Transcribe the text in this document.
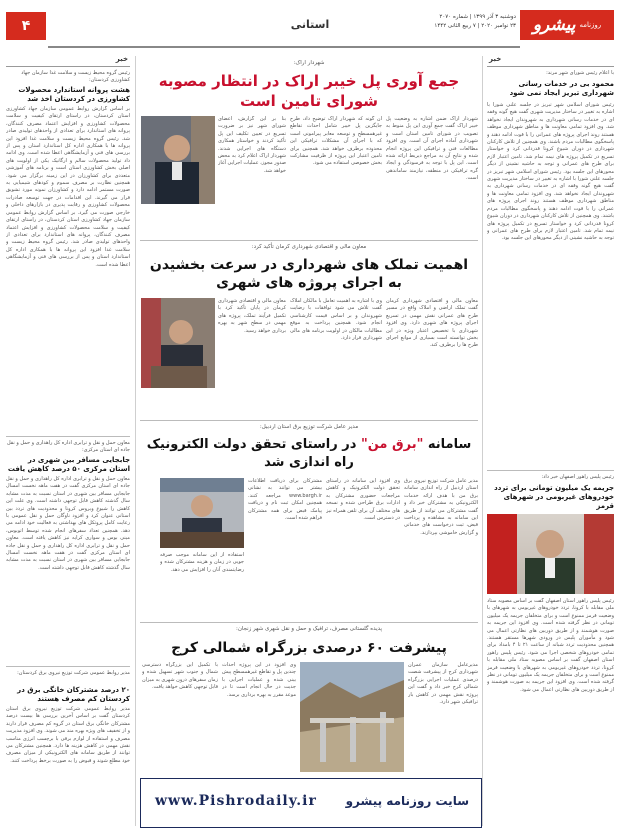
روزنامه
پیشرو
دوشنبه ۳ آذر ۱۳۹۹ | شماره ۲۰۷۰
۲۳ نوامبر ۲۰۲۰ | ۷ ربیع الثانی ۱۴۴۲
استانی
۴
خبر
رئیس گروه محیط زیست و سلامت غذا سازمان جهاد کشاورزی کردستان:
هشت پروانه استاندارد محصولات کشاورزی در کردستان اخذ شد
بر اساس گزارش روابط عمومی سازمان جهاد کشاورزی استان کردستان، در راستای ارتقای کیفیت و سلامت محصولات کشاورزی و افزایش اعتماد مصرف کنندگان، پروانه های استاندارد برای تعدادی از واحدهای تولیدی صادر شد. رئیس گروه محیط زیست و سلامت غذا افزود این پروانه ها با همکاری اداره کل استاندارد استان و پس از بررسی های فنی و آزمایشگاهی اعطا شده است. وی ادامه داد تولید محصولات سالم و ارگانیک یکی از اولویت های اصلی بخش کشاورزی استان است و برنامه های آموزشی متعددی برای کشاورزان در این زمینه برگزار می شود. همچنین نظارت بر مصرف سموم و کودهای شیمیایی به صورت مستمر ادامه دارد و کشاورزان نمونه مورد تشویق قرار می گیرند. این اقدامات در جهت توسعه صادرات محصولات کشاورزی و رقابت پذیری در بازارهای داخلی و خارجی صورت می گیرد. بر اساس گزارش روابط عمومی سازمان جهاد کشاورزی استان کردستان، در راستای ارتقای کیفیت و سلامت محصولات کشاورزی و افزایش اعتماد مصرف کنندگان، پروانه های استاندارد برای تعدادی از واحدهای تولیدی صادر شد. رئیس گروه محیط زیست و سلامت غذا افزود این پروانه ها با همکاری اداره کل استاندارد استان و پس از بررسی های فنی و آزمایشگاهی اعطا شده است.
معاون حمل و نقل و ترابری اداره کل راهداری و حمل و نقل جاده ای استان مرکزی:
جابجایی مسافر بین شهری در استان مرکزی ۵۰ درصد کاهش یافت
معاون حمل و نقل و ترابری اداره کل راهداری و حمل و نقل جاده ای استان مرکزی گفت در هفت ماهه نخست امسال جابجایی مسافر بین شهری در استان نسبت به مدت مشابه سال گذشته کاهش قابل توجهی داشته است. وی علت این کاهش را شیوع ویروس کرونا و محدودیت های تردد بین استانی عنوان کرد و افزود ناوگان حمل و نقل عمومی با رعایت کامل پروتکل های بهداشتی به فعالیت خود ادامه می دهد. همچنین تعداد سفرهای انجام شده توسط اتوبوس، مینی بوس و سواری کرایه نیز کاهش یافته است. معاون حمل و نقل و ترابری اداره کل راهداری و حمل و نقل جاده ای استان مرکزی گفت در هفت ماهه نخست امسال جابجایی مسافر بین شهری در استان نسبت به مدت مشابه سال گذشته کاهش قابل توجهی داشته است.
مدیر روابط عمومی شرکت توزیع نیروی برق کردستان:
۲۰ درصد مشترکان خانگی برق در کردستان کم مصرف هستند
مدیر روابط عمومی شرکت توزیع نیروی برق استان کردستان گفت بر اساس آخرین بررسی ها بیست درصد مشترکان خانگی برق استان در گروه کم مصرف قرار دارند و از تخفیف های ویژه بهره مند می شوند. وی افزود مدیریت مصرف و استفاده از لوازم برقی با برچسب انرژی مناسب نقش مهمی در کاهش هزینه ها دارد. همچنین مشترکان می توانند از طریق سامانه های الکترونیکی از میزان مصرف خود مطلع شوند و قبوض را به صورت برخط پرداخت کنند.
خبر
با اعلام رئیس شورای شهر مرند:
محمود بی در خدمات رسانی شهرداری تبریز ایجاد نمی شود
رئیس شورای اسلامی شهر تبریز در جلسه علنی شورا با اشاره به تغییر در ساختار مدیریت شهری گفت هیچ گونه وقفه ای در خدمات رسانی شهرداری به شهروندان ایجاد نخواهد شد. وی افزود تمامی معاونت ها و مناطق شهرداری موظف هستند روند اجرای پروژه های عمرانی را با قوت ادامه دهند و پاسخگوی مطالبات مردم باشند. وی همچنین از تلاش کارکنان شهرداری در دوران شیوع کرونا قدردانی کرد و خواستار تسریع در تکمیل پروژه های نیمه تمام شد. تامین اعتبار لازم برای طرح های عمرانی و توجه به حاشیه نشینی از دیگر محورهای این جلسه بود. رئیس شورای اسلامی شهر تبریز در جلسه علنی شورا با اشاره به تغییر در ساختار مدیریت شهری گفت هیچ گونه وقفه ای در خدمات رسانی شهرداری به شهروندان ایجاد نخواهد شد. وی افزود تمامی معاونت ها و مناطق شهرداری موظف هستند روند اجرای پروژه های عمرانی را با قوت ادامه دهند و پاسخگوی مطالبات مردم باشند. وی همچنین از تلاش کارکنان شهرداری در دوران شیوع کرونا قدردانی کرد و خواستار تسریع در تکمیل پروژه های نیمه تمام شد. تامین اعتبار لازم برای طرح های عمرانی و توجه به حاشیه نشینی از دیگر محورهای این جلسه بود.
رئیس پلیس راهور اصفهان خبر داد:
جریمه یک میلیون تومانی برای تردد خودروهای غیربومی در شهرهای قرمز
رئیس پلیس راهور استان اصفهان گفت بر اساس مصوبه ستاد ملی مقابله با کرونا، تردد خودروهای غیربومی به شهرهای با وضعیت قرمز ممنوع است و برای متخلفان جریمه یک میلیون تومانی در نظر گرفته شده است. وی افزود این جریمه به صورت هوشمند و از طریق دوربین های نظارتی اعمال می شود و مأموران پلیس در ورودی شهرها مستقر هستند. همچنین محدودیت تردد شبانه از ساعت ۲۱ تا ۴ بامداد برای تمامی خودروهای شخصی اجرا می شود. رئیس پلیس راهور استان اصفهان گفت بر اساس مصوبه ستاد ملی مقابله با کرونا، تردد خودروهای غیربومی به شهرهای با وضعیت قرمز ممنوع است و برای متخلفان جریمه یک میلیون تومانی در نظر گرفته شده است. وی افزود این جریمه به صورت هوشمند و از طریق دوربین های نظارتی اعمال می شود.
شهردار اراک:
جمع آوری پل خیبر اراک در انتظار مصوبه
شورای تامین است
شهردار اراک ضمن اشاره به وضعیت پل خیبر اراک گفت جمع آوری این پل منوط به تصویب در شورای تامین استان است و شهرداری آماده اجرای آن است. وی افزود مطالعات فنی و ترافیکی این پروژه انجام شده و نتایج آن به مراجع ذیربط ارائه شده است. این پل با توجه به فرسودگی و ایجاد گره ترافیکی در منطقه، نیازمند ساماندهی است.
آن گونه که شهردار اراک توضیح داد، طرح جایگزین پل خیبر شامل احداث تقاطع غیرهمسطح و توسعه معابر پیرامونی است که با اجرای آن مشکلات ترافیکی این محدوده برطرف خواهد شد. همچنین برای تامین اعتبار این پروژه از ظرفیت مشارکت بخش خصوصی استفاده می شود.
بنا بر این گزارش، اعضای شورای شهر نیز بر ضرورت تسریع در تعیین تکلیف این پل تأکید کردند و خواستار همکاری دستگاه های اجرایی شدند. شهردار اراک اعلام کرد به محض صدور مجوز، عملیات اجرایی آغاز خواهد شد.
معاون مالی و اقتصادی شهرداری کرمان تأکید کرد:
اهمیت تملک های شهرداری در سرعت بخشیدن
به اجرای پروژه های شهری
معاون مالی و اقتصادی شهرداری کرمان گفت تملک اراضی و املاک واقع در مسیر طرح های عمرانی نقش مهمی در تسریع اجرای پروژه های شهری دارد. وی افزود شهرداری با تخصیص اعتبار ویژه در این بخش توانسته است بسیاری از موانع اجرای طرح ها را برطرف کند.
وی با اشاره به اهمیت تعامل با مالکان املاک گفت تلاش می شود توافقات با رضایت شهروندان و بر اساس قیمت کارشناسی انجام شود. همچنین پرداخت به موقع مطالبات مالکان در اولویت برنامه های مالی شهرداری قرار دارد.
معاون مالی و اقتصادی شهرداری کرمان در پایان تأکید کرد با تکمیل فرآیند تملک، پروژه های مهمی در سطح شهر به بهره برداری خواهد رسید.
مدیر عامل شرکت توزیع برق استان اردبیل:
سامانه "برق من" در راستای تحقق دولت الکترونیک
راه اندازی شد
مدیر عامل شرکت توزیع نیروی برق استان اردبیل از راه اندازی سامانه برق من با هدف ارائه خدمات الکترونیکی به مشترکان خبر داد و گفت مشترکان می توانند از طریق این سامانه به مشاهده و پرداخت قبض، ثبت درخواست های خدماتی و گزارش خاموشی بپردازند.
وی افزود این سامانه در راستای تحقق دولت الکترونیک و کاهش مراجعات حضوری مشترکان به ادارات برق طراحی شده و نسخه های مختلف آن برای تلفن همراه نیز در دسترس است.
مشترکان برای دریافت اطلاعات بیشتر می توانند به نشانی www.bargh.ir مراجعه کنند. همچنین امکان ثبت نام و دریافت پیامک قبض برای همه مشترکان فراهم شده است.
استفاده از این سامانه موجب صرفه جویی در زمان و هزینه مشترکان شده و رضایتمندی آنان را افزایش می دهد.
پدیده گلستانی مصرف، ترافیک و حمل و نقل شهری شهر زنجان:
پیشرفت ۶۰ درصدی بزرگراه شمالی کرج
مدیرعامل سازمان عمران شهرداری کرج از پیشرفت شصت درصدی عملیات اجرایی بزرگراه شمالی کرج خبر داد و گفت این پروژه نقش مهمی در کاهش بار ترافیکی شهر دارد.
وی افزود در این پروژه احداث چندین پل و تقاطع غیرهمسطح پیش بینی شده و عملیات اجرایی با جدیت در حال انجام است تا در موعد مقرر به بهره برداری برسد.
با تکمیل این بزرگراه دسترسی شمال و جنوب شهر تسهیل شده و زمان سفرهای درون شهری به میزان قابل توجهی کاهش خواهد یافت.
www.Pishrodaily.ir سایت روزنامه پیشرو
